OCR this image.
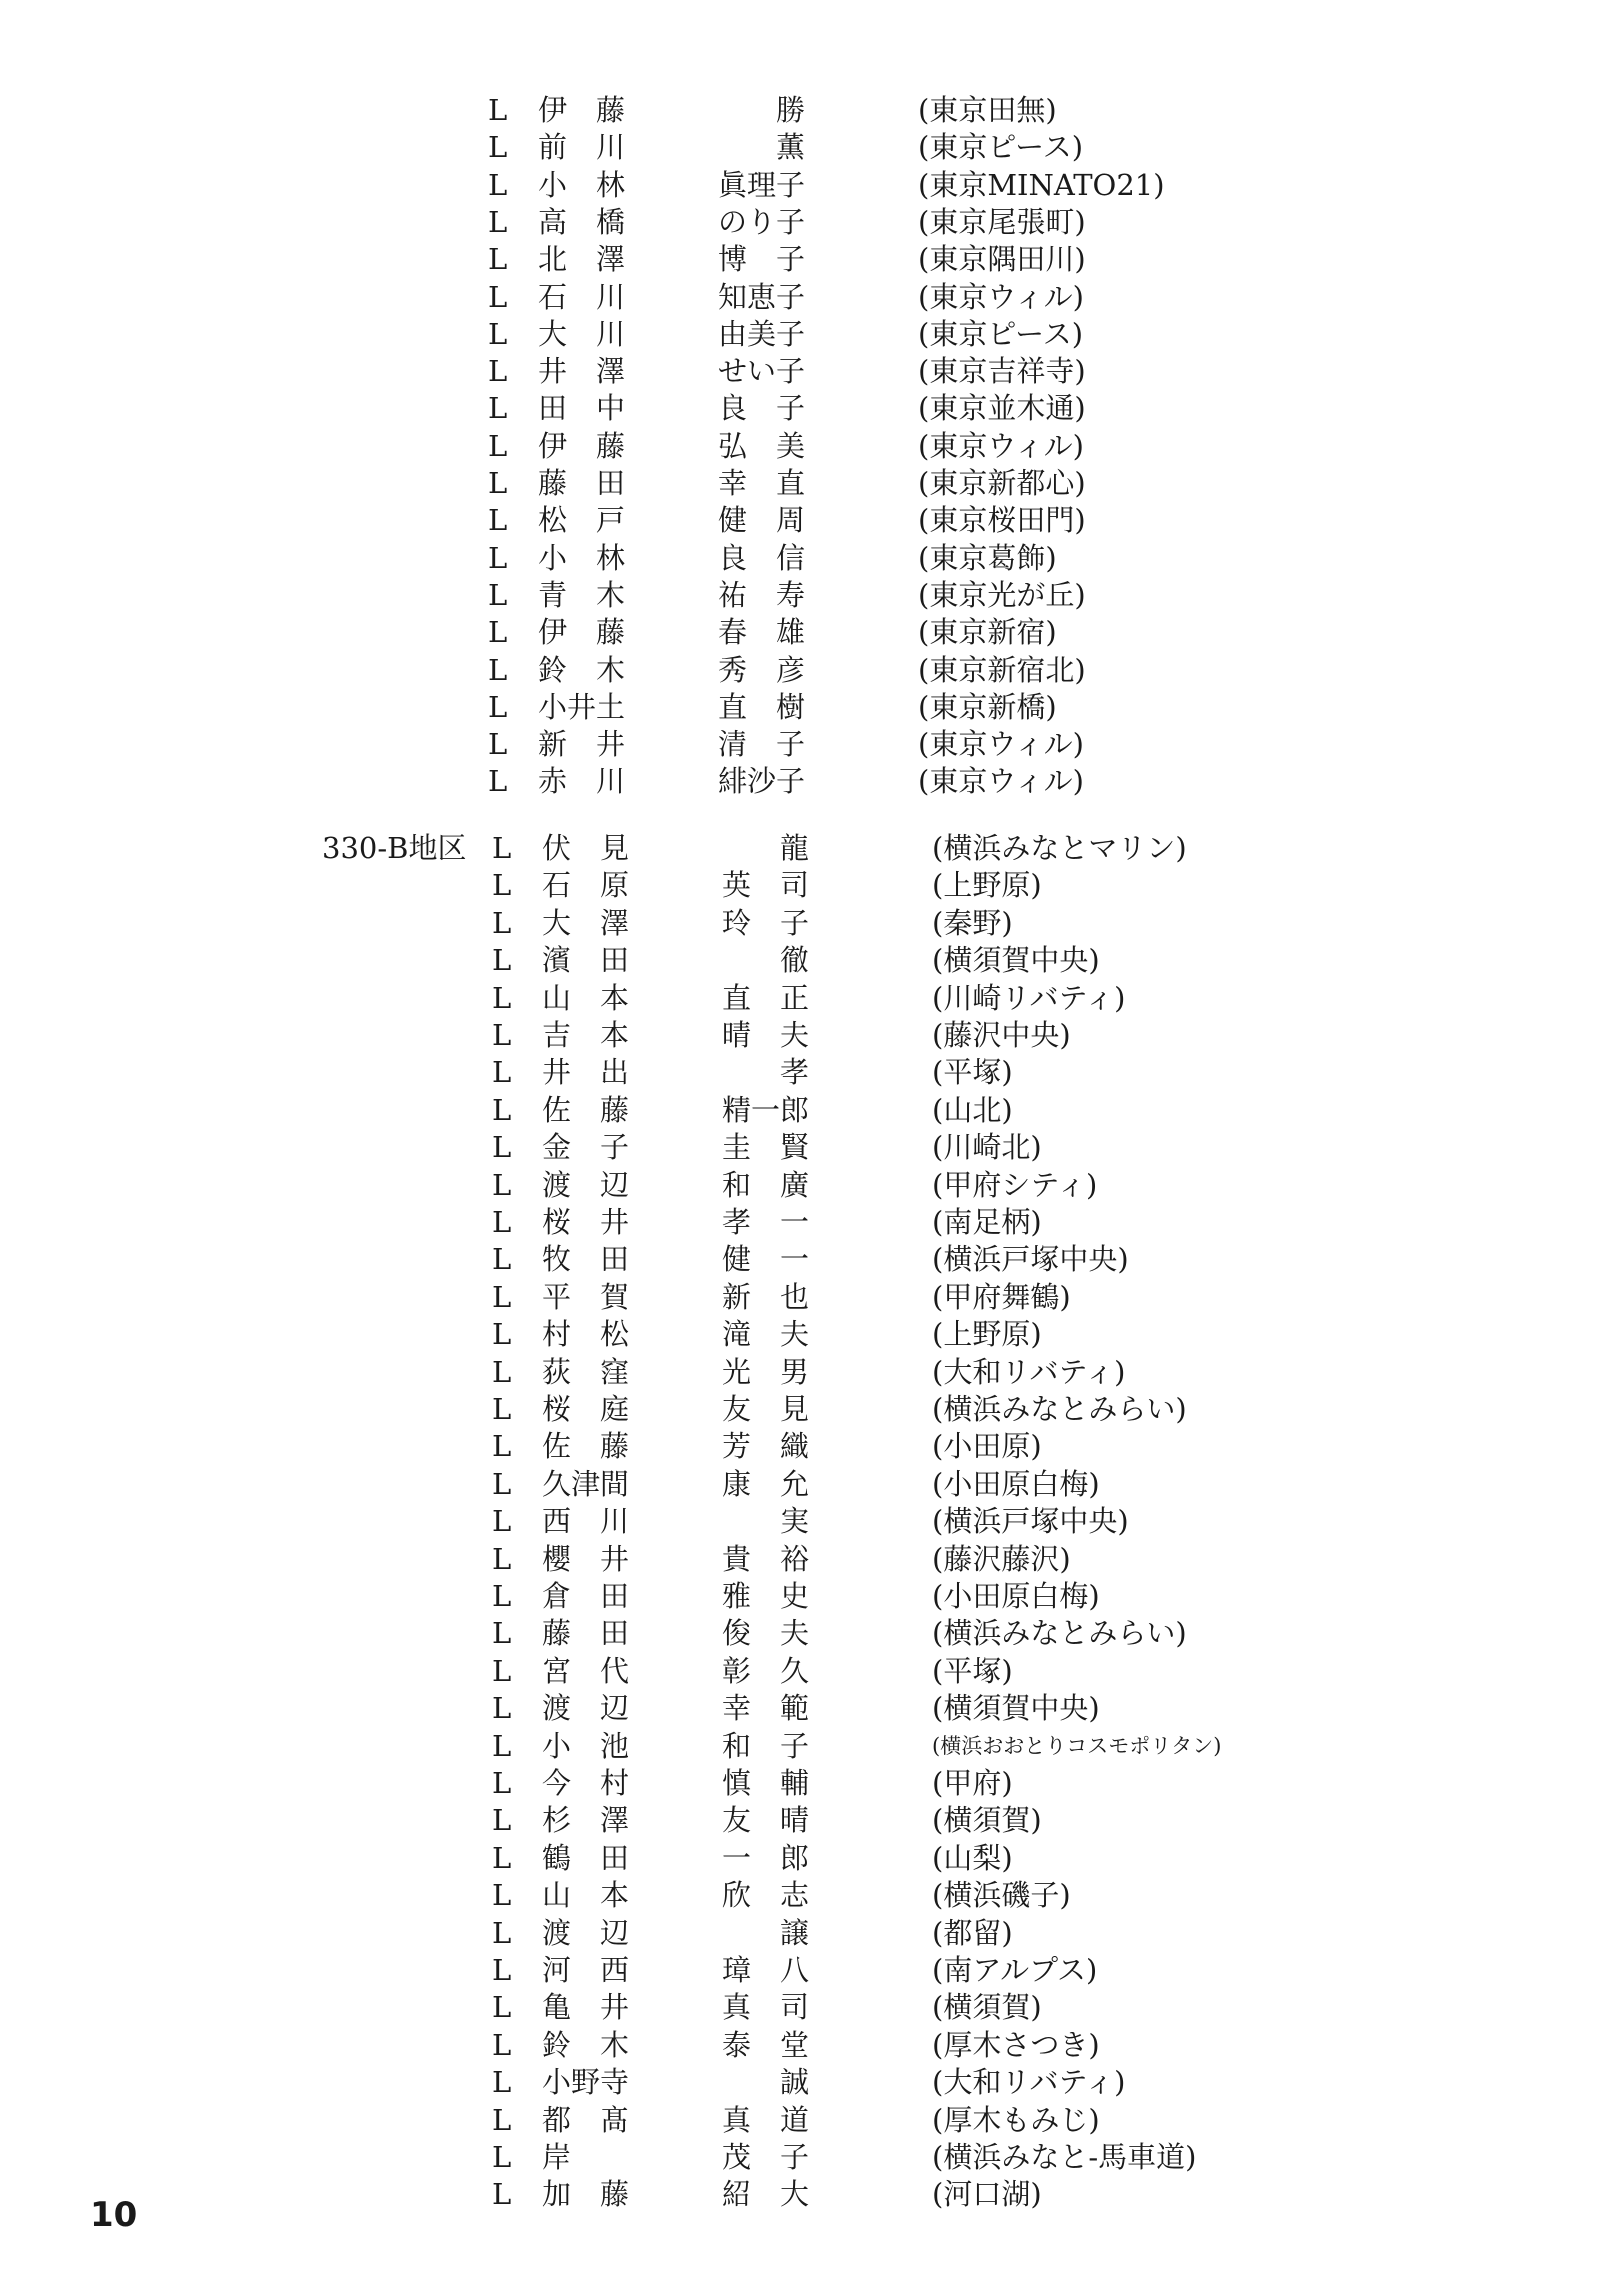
L 伊　藤	　　勝	(東京田無)
L 前　川	　　薫	(東京ピース)
L 小　林	眞理子	(東京MINATO21)
L 高　橋	のり子	(東京尾張町)
L 北　澤	博　子	(東京隅田川)
L 石　川	知恵子	(東京ウィル)
L 大　川	由美子	(東京ピース)
L 井　澤	せい子	(東京吉祥寺)
L 田　中	良　子	(東京並木通)
L 伊　藤	弘　美	(東京ウィル)
L 藤　田	幸　直	(東京新都心)
L 松　戸	健　周	(東京桜田門)
L 小　林	良　信	(東京葛飾)
L 青　木	祐　寿	(東京光が丘)
L 伊　藤	春　雄	(東京新宿)
L 鈴　木	秀　彦	(東京新宿北)
L 小井土	直　樹	(東京新橋)
L 新　井	清　子	(東京ウィル)
L 赤　川	緋沙子	(東京ウィル)
330-B地区 L 伏　見	　　龍	(横浜みなとマリン)
L 石　原	英　司	(上野原)
L 大　澤	玲　子	(秦野)
L 濱　田	　　徹	(横須賀中央)
L 山　本	直　正	(川崎リバティ)
L 吉　本	晴　夫	(藤沢中央)
L 井　出	　　孝	(平塚)
L 佐　藤	精一郎	(山北)
L 金　子	圭　賢	(川崎北)
L 渡　辺	和　廣	(甲府シティ)
L 桜　井	孝　一	(南足柄)
L 牧　田	健　一	(横浜戸塚中央)
L 平　賀	新　也	(甲府舞鶴)
L 村　松	滝　夫	(上野原)
L 荻　窪	光　男	(大和リバティ)
L 桜　庭	友　見	(横浜みなとみらい)
L 佐　藤	芳　織	(小田原)
L 久津間	康　允	(小田原白梅)
L 西　川	　　実	(横浜戸塚中央)
L 櫻　井	貴　裕	(藤沢藤沢)
L 倉　田	雅　史	(小田原白梅)
L 藤　田	俊　夫	(横浜みなとみらい)
L 宮　代	彰　久	(平塚)
L 渡　辺	幸　範	(横須賀中央)
L 小　池	和　子	(横浜おおとりコスモポリタン)
L 今　村	慎　輔	(甲府)
L 杉　澤	友　晴	(横須賀)
L 鶴　田	一　郎	(山梨)
L 山　本	欣　志	(横浜磯子)
L 渡　辺	　　譲	(都留)
L 河　西	璋　八	(南アルプス)
L 亀　井	真　司	(横須賀)
L 鈴　木	泰　堂	(厚木さつき)
L 小野寺	　　誠	(大和リバティ)
L 都　髙	真　道	(厚木もみじ)
L 岸　　	茂　子	(横浜みなと-馬車道)
L 加　藤	紹　大	(河口湖)
10
